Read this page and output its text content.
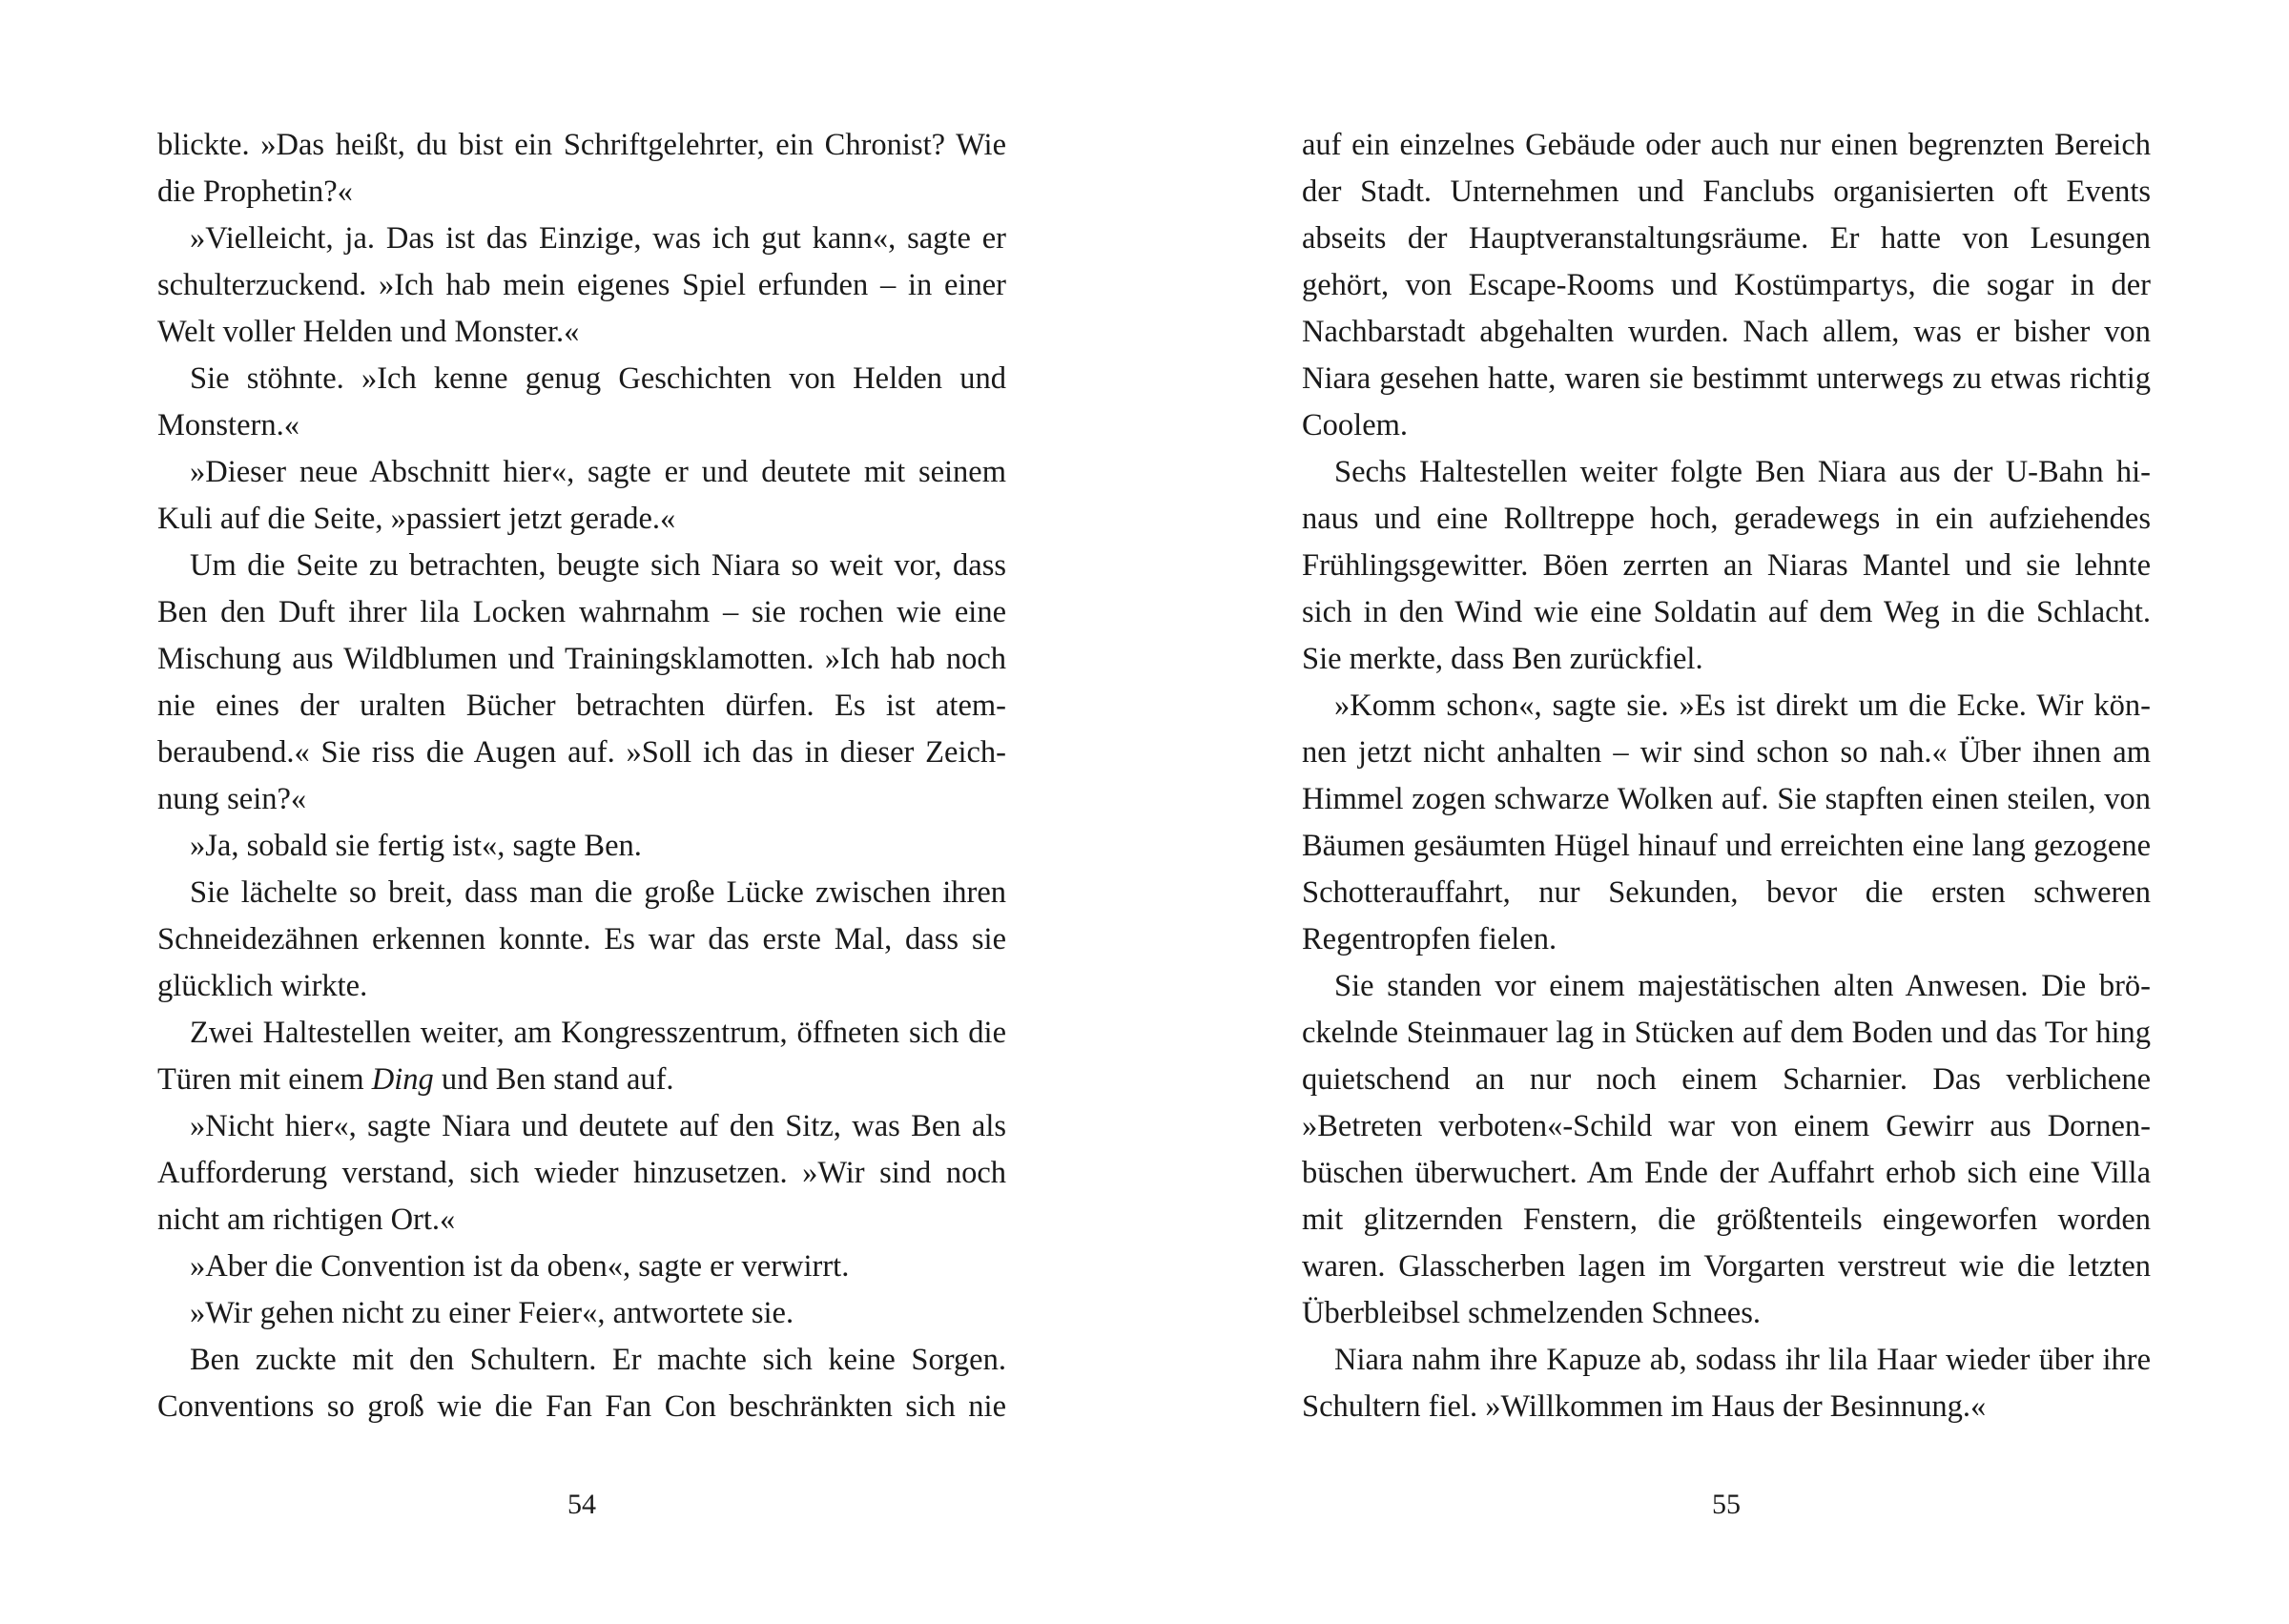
blickte. »Das heißt, du bist ein Schriftgelehrter, ein Chronist? Wie die Prophetin?«

»Vielleicht, ja. Das ist das Einzige, was ich gut kann«, sagte er schulterzuckend. »Ich hab mein eigenes Spiel erfunden – in einer Welt voller Helden und Monster.«

Sie stöhnte. »Ich kenne genug Geschichten von Helden und Monstern.«

»Dieser neue Abschnitt hier«, sagte er und deutete mit seinem Kuli auf die Seite, »passiert jetzt gerade.«

Um die Seite zu betrachten, beugte sich Niara so weit vor, dass Ben den Duft ihrer lila Locken wahrnahm – sie rochen wie eine Mischung aus Wildblumen und Trainingsklamotten. »Ich hab noch nie eines der uralten Bücher betrachten dürfen. Es ist atemberaubend.« Sie riss die Augen auf. »Soll ich das in dieser Zeichnung sein?«

»Ja, sobald sie fertig ist«, sagte Ben.

Sie lächelte so breit, dass man die große Lücke zwischen ihren Schneidezähnen erkennen konnte. Es war das erste Mal, dass sie glücklich wirkte.

Zwei Haltestellen weiter, am Kongresszentrum, öffneten sich die Türen mit einem Ding und Ben stand auf.

»Nicht hier«, sagte Niara und deutete auf den Sitz, was Ben als Aufforderung verstand, sich wieder hinzusetzen. »Wir sind noch nicht am richtigen Ort.«

»Aber die Convention ist da oben«, sagte er verwirrt.

»Wir gehen nicht zu einer Feier«, antwortete sie.

Ben zuckte mit den Schultern. Er machte sich keine Sorgen. Conventions so groß wie die Fan Fan Con beschränkten sich nie

54

auf ein einzelnes Gebäude oder auch nur einen begrenzten Bereich der Stadt. Unternehmen und Fanclubs organisierten oft Events abseits der Hauptveranstaltungsräume. Er hatte von Lesungen gehört, von Escape-Rooms und Kostümpartys, die sogar in der Nachbarstadt abgehalten wurden. Nach allem, was er bisher von Niara gesehen hatte, waren sie bestimmt unterwegs zu etwas richtig Coolem.

Sechs Haltestellen weiter folgte Ben Niara aus der U-Bahn hinaus und eine Rolltreppe hoch, geradewegs in ein aufziehendes Frühlingsgewitter. Böen zerrten an Niaras Mantel und sie lehnte sich in den Wind wie eine Soldatin auf dem Weg in die Schlacht. Sie merkte, dass Ben zurückfiel.

»Komm schon«, sagte sie. »Es ist direkt um die Ecke. Wir können jetzt nicht anhalten – wir sind schon so nah.« Über ihnen am Himmel zogen schwarze Wolken auf. Sie stapften einen steilen, von Bäumen gesäumten Hügel hinauf und erreichten eine lang gezogene Schotterauffahrt, nur Sekunden, bevor die ersten schweren Regentropfen fielen.

Sie standen vor einem majestätischen alten Anwesen. Die bröckelnde Steinmauer lag in Stücken auf dem Boden und das Tor hing quietschend an nur noch einem Scharnier. Das verblichene »Betreten verboten«-Schild war von einem Gewirr aus Dornenbüschen überwuchert. Am Ende der Auffahrt erhob sich eine Villa mit glitzernden Fenstern, die größtenteils eingeworfen worden waren. Glasscherben lagen im Vorgarten verstreut wie die letzten Überbleibsel schmelzenden Schnees.

Niara nahm ihre Kapuze ab, sodass ihr lila Haar wieder über ihre Schultern fiel. »Willkommen im Haus der Besinnung.«

55
